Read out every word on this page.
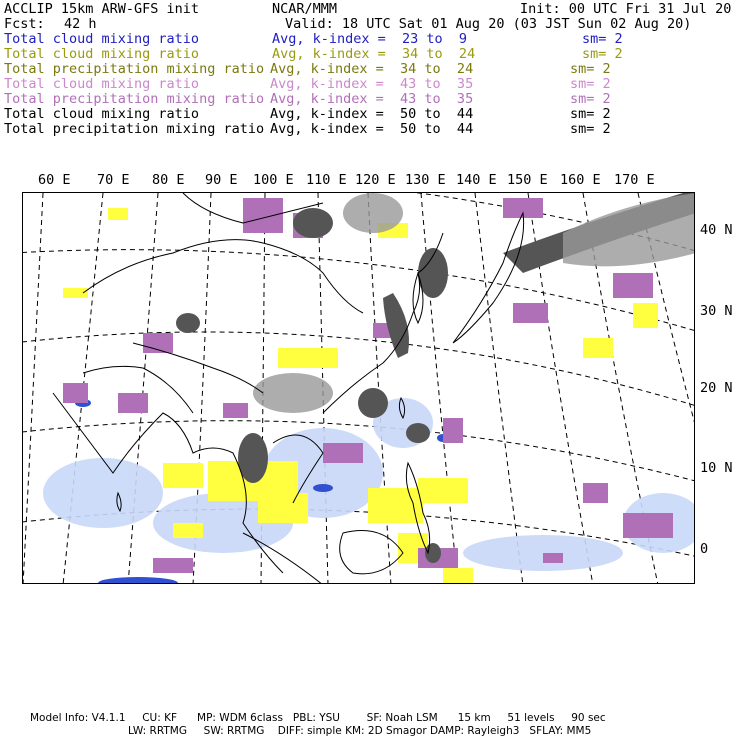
ACCLIP 15km ARW-GFS init	NCAR/MMM	Init: 00 UTC Fri 31 Jul 20
Fcst: 42 h	Valid: 18 UTC Sat 01 Aug 20 (03 JST Sun 02 Aug 20)
Total cloud mixing ratio	Avg, k-index =  23 to  9	sm= 2
Total cloud mixing ratio	Avg, k-index =  34 to  24	sm= 2
Total precipitation mixing ratio Avg, k-index =  34 to  24	sm= 2
Total cloud mixing ratio	Avg, k-index =  43 to  35	sm= 2
Total precipitation mixing ratio Avg, k-index =  43 to  35	sm= 2
Total cloud mixing ratio	Avg, k-index =  50 to  44	sm= 2
Total precipitation mixing ratio Avg, k-index =  50 to  44	sm= 2
60 E 70 E 80 E 90 E 100 E 110 E 120 E 130 E 140 E 150 E 160 E 170 E
40 N
30 N
20 N
10 N
0
Model Info: V4.1.1     CU: KF      MP: WDM 6class   PBL: YSU        SF: Noah LSM      15 km     51 levels     90 sec
LW: RRTMG     SW: RRTMG    DIFF: simple KM: 2D Smagor DAMP: Rayleigh3   SFLAY: MM5
